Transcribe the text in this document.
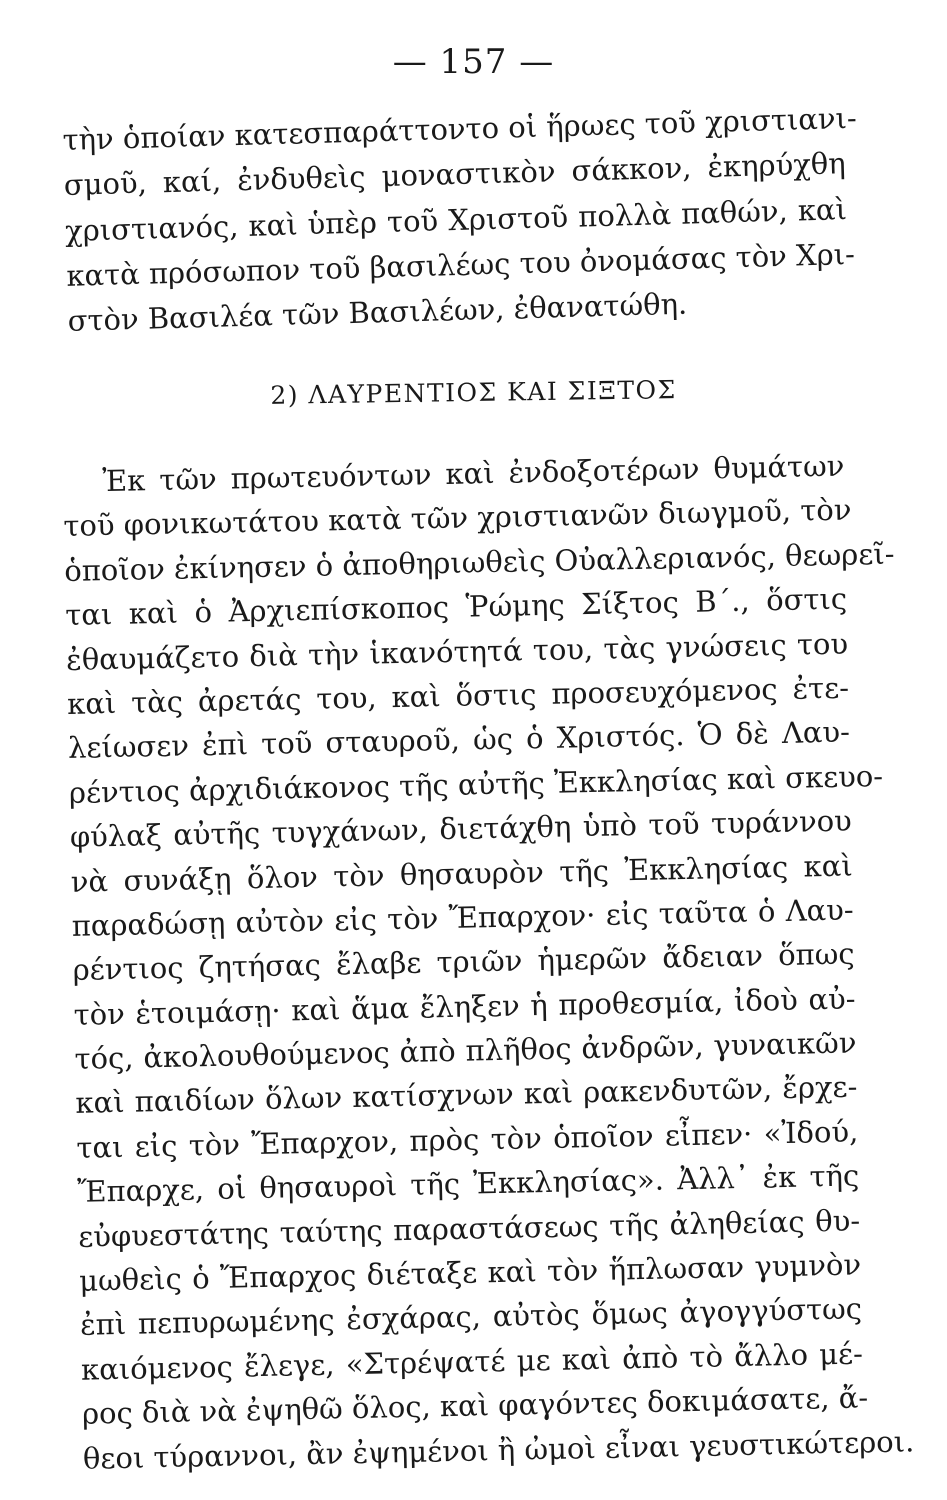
— 157 —
τὴν ὁποίαν κατεσπαράττοντο οἱ ἥρωες τοῦ χριστιανι-
σμοῦ, καί, ἐνδυθεὶς μοναστικὸν σάκκον, ἐκηρύχθη
χριστιανός, καὶ ὑπὲρ τοῦ Χριστοῦ πολλὰ παθών, καὶ
κατὰ πρόσωπον τοῦ βασιλέως του ὀνομάσας τὸν Χρι-
στὸν Βασιλέα τῶν Βασιλέων, ἐθανατώθη.
2) ΛΑΥΡΕΝΤΙΟΣ ΚΑΙ ΣΙΞΤΟΣ
Ἐκ τῶν πρωτευόντων καὶ ἐνδοξοτέρων θυμάτων
τοῦ φονικωτάτου κατὰ τῶν χριστιανῶν διωγμοῦ, τὸν
ὁποῖον ἐκίνησεν ὁ ἀποθηριωθεὶς Οὐαλλεριανός, θεωρεῖ-
ται καὶ ὁ Ἀρχιεπίσκοπος Ῥώμης Σίξτος Β΄., ὅστις
ἐθαυμάζετο διὰ τὴν ἱκανότητά του, τὰς γνώσεις του
καὶ τὰς ἀρετάς του, καὶ ὅστις προσευχόμενος ἐτε-
λείωσεν ἐπὶ τοῦ σταυροῦ, ὡς ὁ Χριστός. Ὁ δὲ Λαυ-
ρέντιος ἀρχιδιάκονος τῆς αὐτῆς Ἐκκλησίας καὶ σκευο-
φύλαξ αὐτῆς τυγχάνων, διετάχθη ὑπὸ τοῦ τυράννου
νὰ συνάξῃ ὅλον τὸν θησαυρὸν τῆς Ἐκκλησίας καὶ
παραδώσῃ αὐτὸν εἰς τὸν Ἔπαρχον· εἰς ταῦτα ὁ Λαυ-
ρέντιος ζητήσας ἔλαβε τριῶν ἡμερῶν ἄδειαν ὅπως
τὸν ἑτοιμάσῃ· καὶ ἅμα ἔληξεν ἡ προθεσμία, ἰδοὺ αὐ-
τός, ἀκολουθούμενος ἀπὸ πλῆθος ἀνδρῶν, γυναικῶν
καὶ παιδίων ὅλων κατίσχνων καὶ ρακενδυτῶν, ἔρχε-
ται εἰς τὸν Ἔπαρχον, πρὸς τὸν ὁποῖον εἶπεν· «Ἰδού,
Ἔπαρχε, οἱ θησαυροὶ τῆς Ἐκκλησίας». Ἀλλ᾿ ἐκ τῆς
εὐφυεστάτης ταύτης παραστάσεως τῆς ἀληθείας θυ-
μωθεὶς ὁ Ἔπαρχος διέταξε καὶ τὸν ἥπλωσαν γυμνὸν
ἐπὶ πεπυρωμένης ἐσχάρας, αὐτὸς ὅμως ἀγογγύστως
καιόμενος ἔλεγε, «Στρέψατέ με καὶ ἀπὸ τὸ ἄλλο μέ-
ρος διὰ νὰ ἐψηθῶ ὅλος, καὶ φαγόντες δοκιμάσατε, ἄ-
θεοι τύραννοι, ἂν ἐψημένοι ἢ ὠμοὶ εἶναι γευστικώτεροι.
